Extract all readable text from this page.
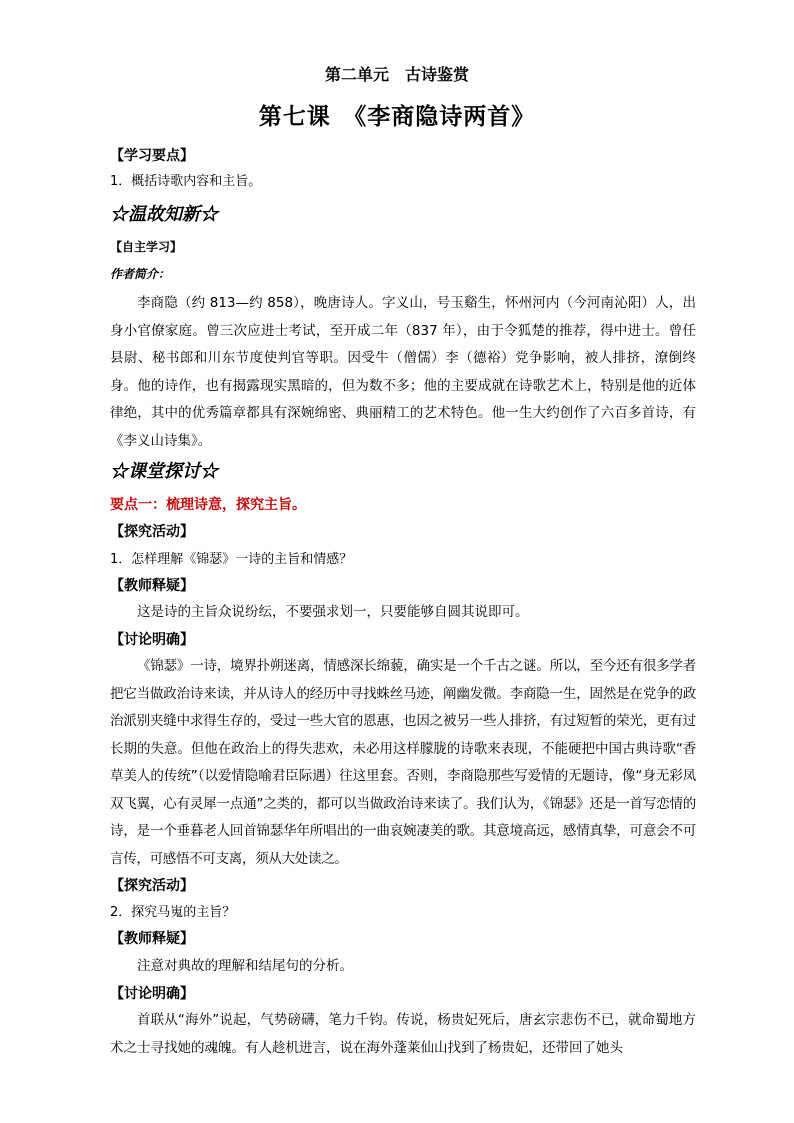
第二单元　古诗鉴赏
第七课　《李商隐诗两首》
【学习要点】
1．概括诗歌内容和主旨。
☆温故知新☆
【自主学习】
作者简介：
李商隐（约 813—约 858），晚唐诗人。字义山，号玉谿生，怀州河内（今河南沁阳）人，出身小官僚家庭。曾三次应进士考试，至开成二年（837 年），由于令狐楚的推荐，得中进士。曾任县尉、秘书郎和川东节度使判官等职。因受牛（僧儒）李（德裕）党争影响，被人排挤，潦倒终身。他的诗作，也有揭露现实黑暗的，但为数不多；他的主要成就在诗歌艺术上，特别是他的近体律绝，其中的优秀篇章都具有深婉绵密、典丽精工的艺术特色。他一生大约创作了六百多首诗，有《李义山诗集》。
☆课堂探讨☆
要点一：梳理诗意，探究主旨。
【探究活动】
1．怎样理解《锦瑟》一诗的主旨和情感？
【教师释疑】
这是诗的主旨众说纷纭，不要强求划一，只要能够自圆其说即可。
【讨论明确】
《锦瑟》一诗，境界扑朔迷离，情感深长绵藐，确实是一个千古之谜。所以，至今还有很多学者把它当做政治诗来读，并从诗人的经历中寻找蛛丝马迹，阐幽发微。李商隐一生，固然是在党争的政治派别夹缝中求得生存的，受过一些大官的恩惠，也因之被另一些人排挤，有过短暂的荣光，更有过长期的失意。但他在政治上的得失悲欢，未必用这样朦胧的诗歌来表现，不能硬把中国古典诗歌“香草美人的传统”（以爱情隐喻君臣际遇）往这里套。否则，李商隐那些写爱情的无题诗，像“身无彩凤双飞翼，心有灵犀一点通”之类的，都可以当做政治诗来读了。我们认为，《锦瑟》还是一首写恋情的诗，是一个垂暮老人回首锦瑟华年所唱出的一曲哀婉凄美的歌。其意境高远，感情真挚，可意会不可言传，可感悟不可支离，须从大处读之。
【探究活动】
2．探究马嵬的主旨？
【教师释疑】
注意对典故的理解和结尾句的分析。
【讨论明确】
首联从“海外”说起，气势磅礴，笔力千钧。传说，杨贵妃死后，唐玄宗悲伤不已，就命蜀地方术之士寻找她的魂魄。有人趁机进言，说在海外蓬莱仙山找到了杨贵妃，还带回了她头
